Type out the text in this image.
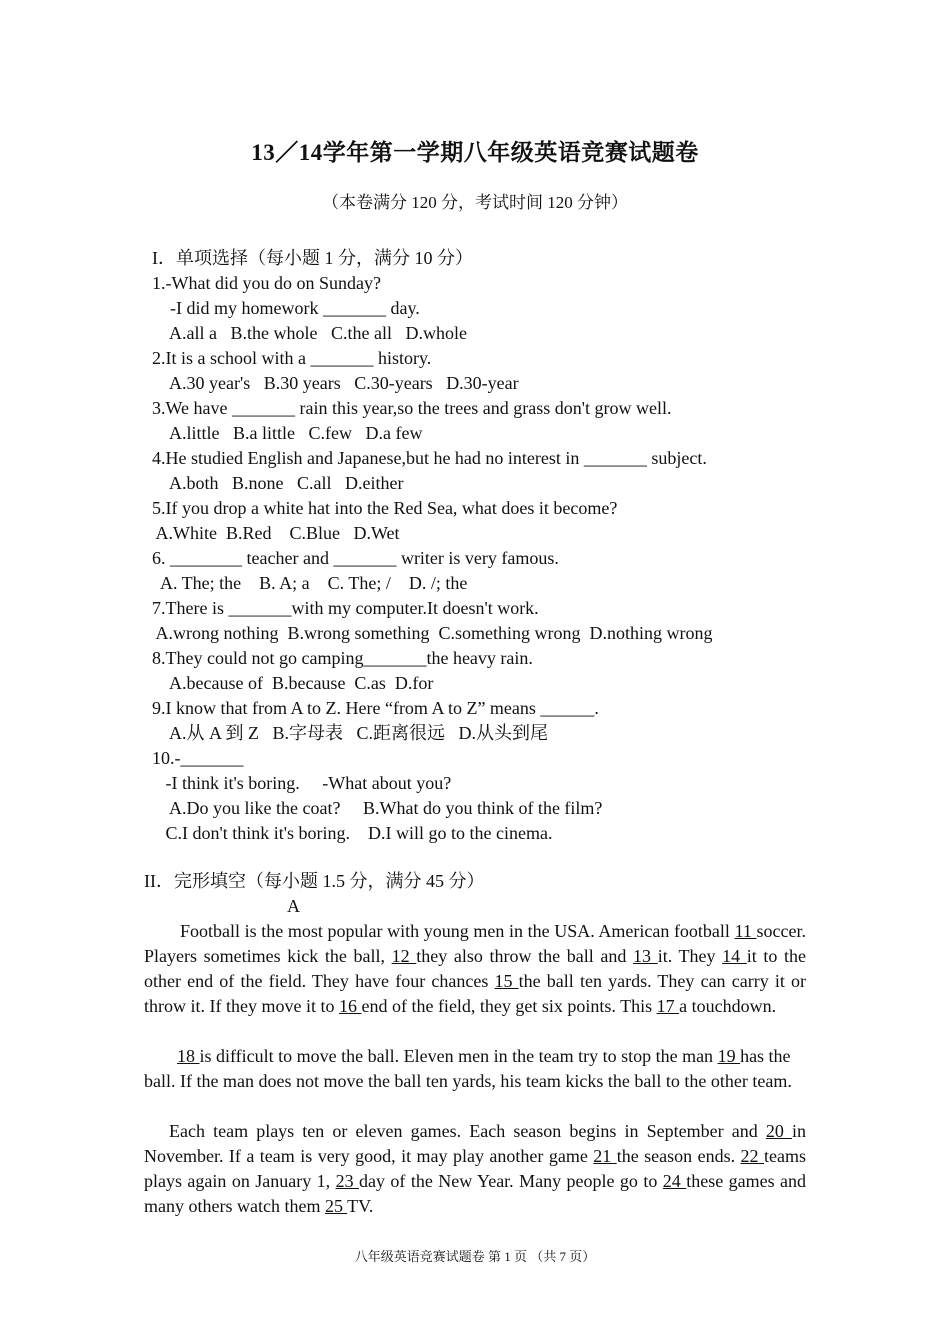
13／14学年第一学期八年级英语竞赛试题卷
（本卷满分 120 分，考试时间 120 分钟）
I．单项选择（每小题 1 分，满分 10 分）
1.-What did you do on Sunday?
-I did my homework _______ day.
A.all a   B.the whole   C.the all   D.whole
2.It is a school with a _______ history.
A.30 year's   B.30 years   C.30-years   D.30-year
3.We have _______ rain this year,so the trees and grass don't grow well.
A.little   B.a little   C.few   D.a few
4.He studied English and Japanese,but he had no interest in _______ subject.
A.both   B.none   C.all   D.either
5.If you drop a white hat into the Red Sea, what does it become?
A.White  B.Red    C.Blue   D.Wet
6. ________ teacher and _______ writer is very famous.
A. The; the    B. A; a    C. The; /    D. /; the
7.There is _______with my computer.It doesn't work.
A.wrong nothing  B.wrong something  C.something wrong  D.nothing wrong
8.They could not go camping_______the heavy rain.
A.because of  B.because  C.as  D.for
9.I know that from A to Z. Here “from A to Z” means ______.
A.从 A 到 Z   B.字母表   C.距离很远   D.从头到尾
10.-_______
-I think it's boring.     -What about you?
A.Do you like the coat?     B.What do you think of the film?
C.I don't think it's boring.    D.I will go to the cinema.
II．完形填空（每小题 1.5 分，满分 45 分）
A
Football is the most popular with young men in the USA. American football 11 soccer. Players sometimes kick the ball, 12 they also throw the ball and 13 it. They 14 it to the other end of the field. They have four chances 15 the ball ten yards. They can carry it or throw it. If they move it to 16 end of the field, they get six points. This 17 a touchdown.
18 is difficult to move the ball. Eleven men in the team try to stop the man 19 has the ball. If the man does not move the ball ten yards, his team kicks the ball to the other team.
Each team plays ten or eleven games. Each season begins in September and 20 in November. If a team is very good, it may play another game 21 the season ends. 22 teams plays again on January 1, 23 day of the New Year. Many people go to 24 these games and many others watch them 25 TV.
八年级英语竞赛试题卷 第 1 页 （共 7 页）
